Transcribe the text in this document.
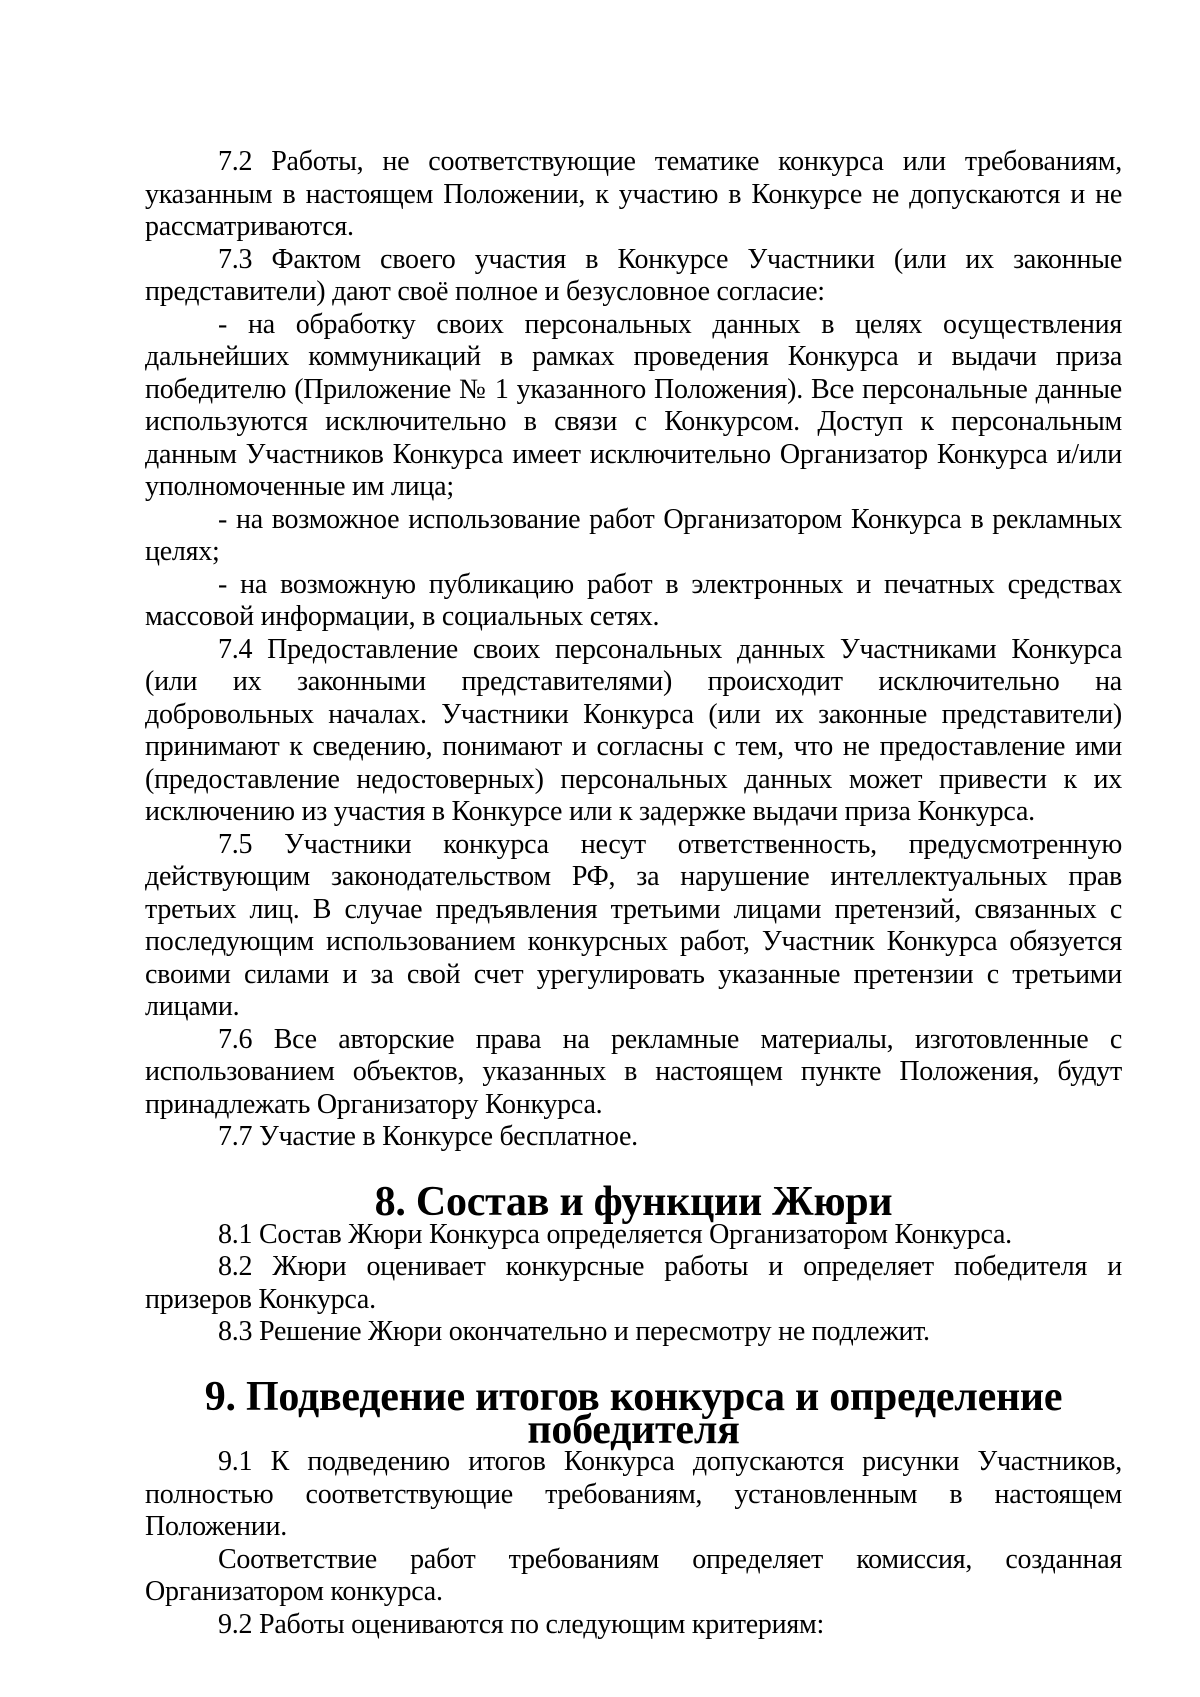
7.2 Работы, не соответствующие тематике конкурса или требованиям, указанным в настоящем Положении, к участию в Конкурсе не допускаются и не рассматриваются.

7.3 Фактом своего участия в Конкурсе Участники (или их законные представители) дают своё полное и безусловное согласие:

- на обработку своих персональных данных в целях осуществления дальнейших коммуникаций в рамках проведения Конкурса и выдачи приза победителю (Приложение № 1 указанного Положения). Все персональные данные используются исключительно в связи с Конкурсом. Доступ к персональным данным Участников Конкурса имеет исключительно Организатор Конкурса и/или уполномоченные им лица;

- на возможное использование работ Организатором Конкурса в рекламных целях;

- на возможную публикацию работ в электронных и печатных средствах массовой информации, в социальных сетях.

7.4 Предоставление своих персональных данных Участниками Конкурса (или их законными представителями) происходит исключительно на добровольных началах. Участники Конкурса (или их законные представители) принимают к сведению, понимают и согласны с тем, что не предоставление ими (предоставление недостоверных) персональных данных может привести к их исключению из участия в Конкурсе или к задержке выдачи приза Конкурса.

7.5 Участники конкурса несут ответственность, предусмотренную действующим законодательством РФ, за нарушение интеллектуальных прав третьих лиц. В случае предъявления третьими лицами претензий, связанных с последующим использованием конкурсных работ, Участник Конкурса обязуется своими силами и за свой счет урегулировать указанные претензии с третьими лицами.

7.6 Все авторские права на рекламные материалы, изготовленные с использованием объектов, указанных в настоящем пункте Положения, будут принадлежать Организатору Конкурса.

7.7 Участие в Конкурсе бесплатное.

8. Состав и функции Жюри

8.1 Состав Жюри Конкурса определяется Организатором Конкурса.

8.2 Жюри оценивает конкурсные работы и определяет победителя и призеров Конкурса.

8.3 Решение Жюри окончательно и пересмотру не подлежит.

9. Подведение итогов конкурса и определение победителя

9.1 К подведению итогов Конкурса допускаются рисунки Участников, полностью соответствующие требованиям, установленным в настоящем Положении.

Соответствие работ требованиям определяет комиссия, созданная Организатором конкурса.

9.2 Работы оцениваются по следующим критериям:
